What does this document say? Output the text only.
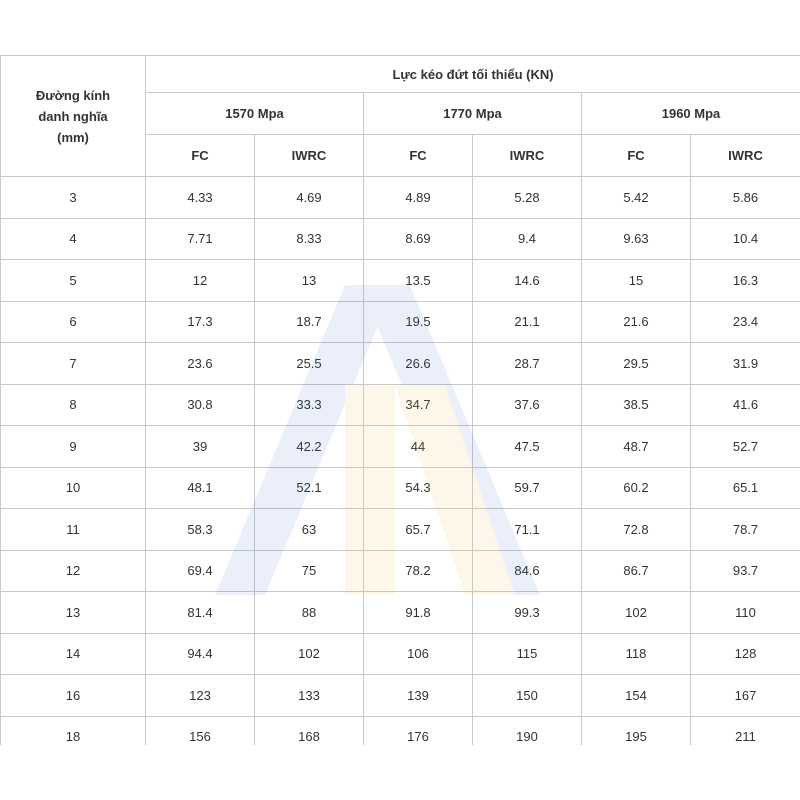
Đường kính
danh nghĩa
(mm)	Lực kéo đứt tối thiểu (KN)					
	1570 Mpa		1770 Mpa		1960 Mpa	
	FC	IWRC	FC	IWRC	FC	IWRC
3	4.33	4.69	4.89	5.28	5.42	5.86
4	7.71	8.33	8.69	9.4	9.63	10.4
5	12	13	13.5	14.6	15	16.3
6	17.3	18.7	19.5	21.1	21.6	23.4
7	23.6	25.5	26.6	28.7	29.5	31.9
8	30.8	33.3	34.7	37.6	38.5	41.6
9	39	42.2	44	47.5	48.7	52.7
10	48.1	52.1	54.3	59.7	60.2	65.1
11	58.3	63	65.7	71.1	72.8	78.7
12	69.4	75	78.2	84.6	86.7	93.7
13	81.4	88	91.8	99.3	102	110
14	94.4	102	106	115	118	128
16	123	133	139	150	154	167
18	156	168	176	190	195	211
